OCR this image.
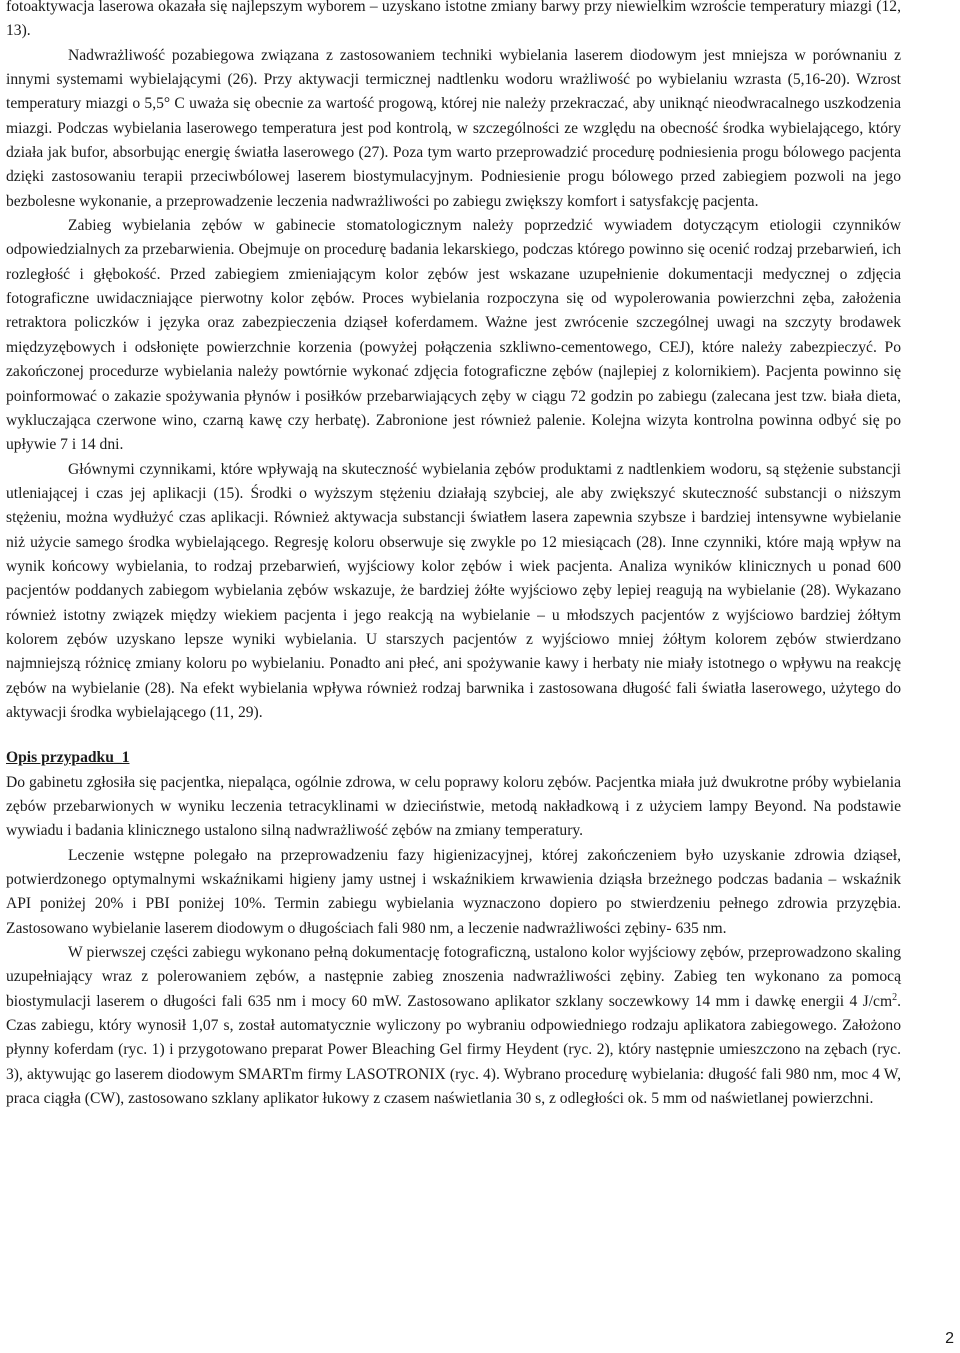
fotoaktywacja laserowa okazała się najlepszym wyborem – uzyskano istotne zmiany barwy przy niewielkim wzroście temperatury miazgi (12, 13).

Nadwrażliwość pozabiegowa związana z zastosowaniem techniki wybielania laserem diodowym jest mniejsza w porównaniu z innymi systemami wybielającymi (26). Przy aktywacji termicznej nadtlenku wodoru wrażliwość po wybielaniu wzrasta (5,16-20). Wzrost temperatury miazgi o 5,5° C uważa się obecnie za wartość progową, której nie należy przekraczać, aby uniknąć nieodwracalnego uszkodzenia miazgi. Podczas wybielania laserowego temperatura jest pod kontrolą, w szczególności ze względu na obecność środka wybielającego, który działa jak bufor, absorbując energię światła laserowego (27). Poza tym warto przeprowadzić procedurę podniesienia progu bólowego pacjenta dzięki zastosowaniu terapii przeciwbólowej laserem biostymulacyjnym. Podniesienie progu bólowego przed zabiegiem pozwoli na jego bezbolesne wykonanie, a przeprowadzenie leczenia nadwrażliwości po zabiegu zwiększy komfort i satysfakcję pacjenta.

Zabieg wybielania zębów w gabinecie stomatologicznym należy poprzedzić wywiadem dotyczącym etiologii czynników odpowiedzialnych za przebarwienia. Obejmuje on procedurę badania lekarskiego, podczas którego powinno się ocenić rodzaj przebarwień, ich rozległość i głębokość. Przed zabiegiem zmieniającym kolor zębów jest wskazane uzupełnienie dokumentacji medycznej o zdjęcia fotograficzne uwidaczniające pierwotny kolor zębów. Proces wybielania rozpoczyna się od wypolerowania powierzchni zęba, założenia retraktora policzków i języka oraz zabezpieczenia dziąseł koferdamem. Ważne jest zwrócenie szczególnej uwagi na szczyty brodawek międzyzębowych i odsłonięte powierzchnie korzenia (powyżej połączenia szkliwno-cementowego, CEJ), które należy zabezpieczyć. Po zakończonej procedurze wybielania należy powtórnie wykonać zdjęcia fotograficzne zębów (najlepiej z kolornikiem). Pacjenta powinno się poinformować o zakazie spożywania płynów i posiłków przebarwiających zęby w ciągu 72 godzin po zabiegu (zalecana jest tzw. biała dieta, wykluczająca czerwone wino, czarną kawę czy herbatę). Zabronione jest również palenie. Kolejna wizyta kontrolna powinna odbyć się po upływie 7 i 14 dni.

Głównymi czynnikami, które wpływają na skuteczność wybielania zębów produktami z nadtlenkiem wodoru, są stężenie substancji utleniającej i czas jej aplikacji (15). Środki o wyższym stężeniu działają szybciej, ale aby zwiększyć skuteczność substancji o niższym stężeniu, można wydłużyć czas aplikacji. Również aktywacja substancji światłem lasera zapewnia szybsze i bardziej intensywne wybielanie niż użycie samego środka wybielającego. Regresję koloru obserwuje się zwykle po 12 miesiącach (28). Inne czynniki, które mają wpływ na wynik końcowy wybielania, to rodzaj przebarwień, wyjściowy kolor zębów i wiek pacjenta. Analiza wyników klinicznych u ponad 600 pacjentów poddanych zabiegom wybielania zębów wskazuje, że bardziej żółte wyjściowo zęby lepiej reagują na wybielanie (28). Wykazano również istotny związek między wiekiem pacjenta i jego reakcją na wybielanie – u młodszych pacjentów z wyjściowo bardziej żółtym kolorem zębów uzyskano lepsze wyniki wybielania. U starszych pacjentów z wyjściowo mniej żółtym kolorem zębów stwierdzano najmniejszą różnicę zmiany koloru po wybielaniu. Ponadto ani płeć, ani spożywanie kawy i herbaty nie miały istotnego o wpływu na reakcję zębów na wybielanie (28). Na efekt wybielania wpływa również rodzaj barwnika i zastosowana długość fali światła laserowego, użytego do aktywacji środka wybielającego (11, 29).

Opis przypadku_1

Do gabinetu zgłosiła się pacjentka, niepaląca, ogólnie zdrowa, w celu poprawy koloru zębów. Pacjentka miała już dwukrotne próby wybielania zębów przebarwionych w wyniku leczenia tetracyklinami w dzieciństwie, metodą nakładkową i z użyciem lampy Beyond. Na podstawie wywiadu i badania klinicznego ustalono silną nadwrażliwość zębów na zmiany temperatury.

Leczenie wstępne polegało na przeprowadzeniu fazy higienizacyjnej, której zakończeniem było uzyskanie zdrowia dziąseł, potwierdzonego optymalnymi wskaźnikami higieny jamy ustnej i wskaźnikiem krwawienia dziąsła brzeżnego podczas badania – wskaźnik API poniżej 20% i PBI poniżej 10%. Termin zabiegu wybielania wyznaczono dopiero po stwierdzeniu pełnego zdrowia przyzębia. Zastosowano wybielanie laserem diodowym o długościach fali 980 nm, a leczenie nadwrażliwości zębiny- 635 nm.

W pierwszej części zabiegu wykonano pełną dokumentację fotograficzną, ustalono kolor wyjściowy zębów, przeprowadzono skaling uzupełniający wraz z polerowaniem zębów, a następnie zabieg znoszenia nadwrażliwości zębiny. Zabieg ten wykonano za pomocą biostymulacji laserem o długości fali 635 nm i mocy 60 mW. Zastosowano aplikator szklany soczewkowy 14 mm i dawkę energii 4 $J/cm^2$. Czas zabiegu, który wynosił 1,07 s, został automatycznie wyliczony po wybraniu odpowiedniego rodzaju aplikatora zabiegowego. Założono płynny koferdam (ryc. 1) i przygotowano preparat Power Bleaching Gel firmy Heydent (ryc. 2), który następnie umieszczono na zębach (ryc. 3), aktywując go laserem diodowym SMARTm firmy LASOTRONIX (ryc. 4). Wybrano procedurę wybielania: długość fali 980 nm, moc 4 W, praca ciągła (CW), zastosowano szklany aplikator łukowy z czasem naświetlania 30 s, z odległości ok. 5 mm od naświetlanej powierzchni.

2
